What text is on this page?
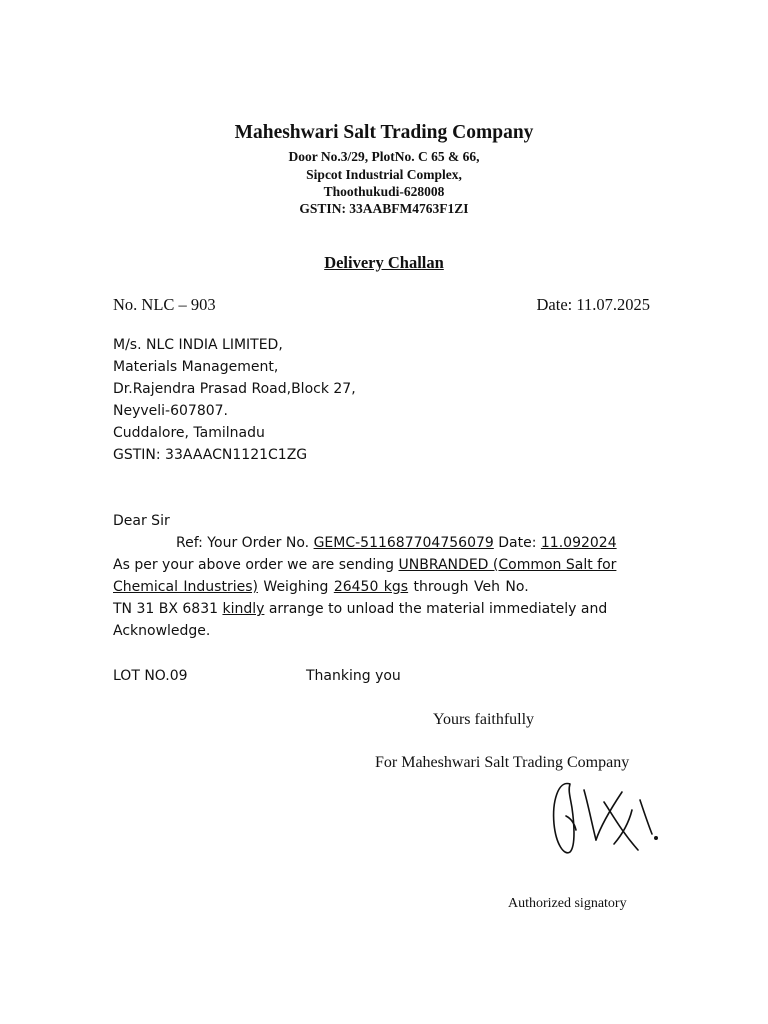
Maheshwari Salt Trading Company
Door No.3/29, PlotNo. C 65 & 66,
Sipcot Industrial Complex,
Thoothukudi-628008
GSTIN: 33AABFM4763F1ZI
Delivery Challan
No. NLC – 903	Date: 11.07.2025
M/s. NLC INDIA LIMITED,
Materials Management,
Dr.Rajendra Prasad Road,Block 27,
Neyveli-607807.
Cuddalore, Tamilnadu
GSTIN: 33AAACN1121C1ZG
Dear Sir
Ref: Your Order No. GEMC-511687704756079 Date: 11.092024
As per your above order we are sending UNBRANDED (Common Salt for
Chemical Industries) Weighing 26450 kgs through Veh No.
TN 31 BX 6831 kindly arrange to unload the material immediately and
Acknowledge.
LOT NO.09	Thanking you
Yours faithfully
For Maheshwari Salt Trading Company
Authorized signatory
